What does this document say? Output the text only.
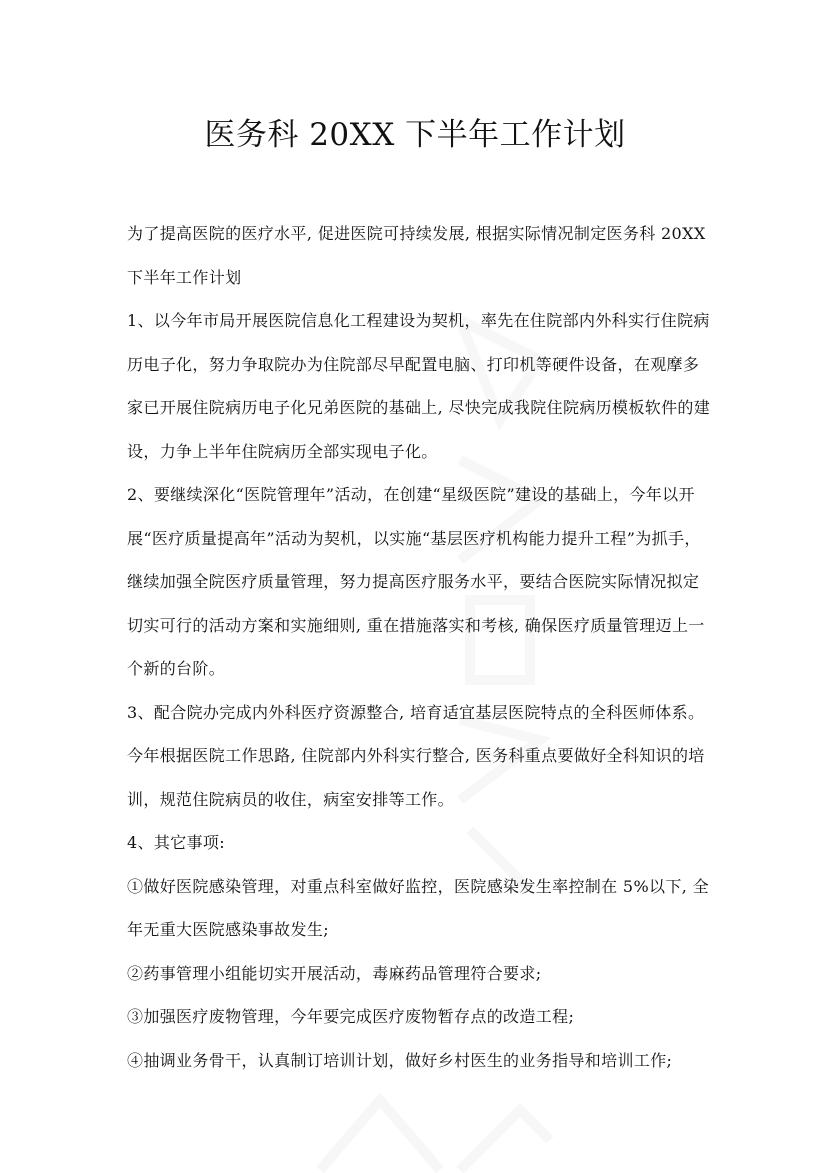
医务科 20XX 下半年工作计划

为了提高医院的医疗水平, 促进医院可持续发展, 根据实际情况制定医务科 20XX 下半年工作计划

1、以今年市局开展医院信息化工程建设为契机，率先在住院部内外科实行住院病历电子化，努力争取院办为住院部尽早配置电脑、打印机等硬件设备，在观摩多家已开展住院病历电子化兄弟医院的基础上, 尽快完成我院住院病历模板软件的建设，力争上半年住院病历全部实现电子化。

2、要继续深化“医院管理年”活动，在创建“星级医院”建设的基础上，今年以开展“医疗质量提高年”活动为契机，以实施“基层医疗机构能力提升工程”为抓手，继续加强全院医疗质量管理，努力提高医疗服务水平，要结合医院实际情况拟定切实可行的活动方案和实施细则, 重在措施落实和考核, 确保医疗质量管理迈上一个新的台阶。

3、配合院办完成内外科医疗资源整合, 培育适宜基层医院特点的全科医师体系。今年根据医院工作思路, 住院部内外科实行整合, 医务科重点要做好全科知识的培训，规范住院病员的收住，病室安排等工作。

4、其它事项:

①做好医院感染管理，对重点科室做好监控，医院感染发生率控制在 5%以下, 全年无重大医院感染事故发生;

②药事管理小组能切实开展活动，毒麻药品管理符合要求;

③加强医疗废物管理，今年要完成医疗废物暂存点的改造工程;

④抽调业务骨干，认真制订培训计划，做好乡村医生的业务指导和培训工作;
